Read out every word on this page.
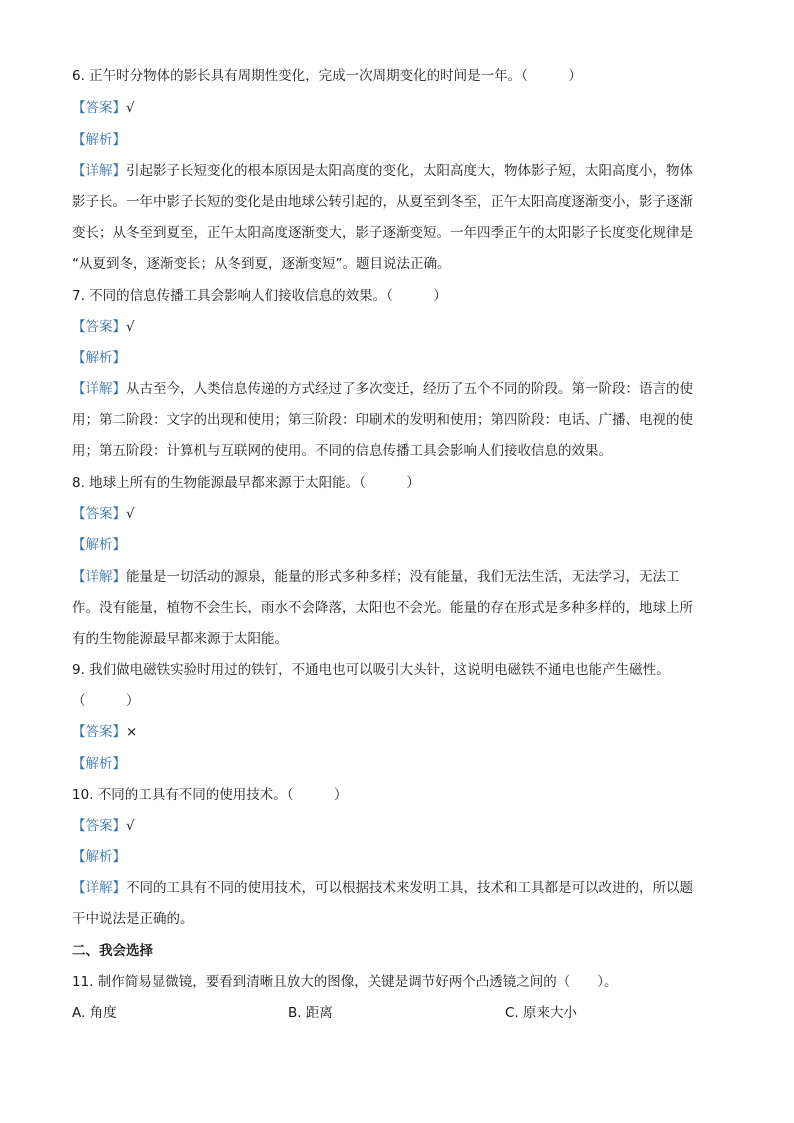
6. 正午时分物体的影长具有周期性变化，完成一次周期变化的时间是一年。（　　　）
【答案】√
【解析】
【详解】引起影子长短变化的根本原因是太阳高度的变化，太阳高度大，物体影子短，太阳高度小，物体
影子长。一年中影子长短的变化是由地球公转引起的，从夏至到冬至，正午太阳高度逐渐变小，影子逐渐
变长；从冬至到夏至，正午太阳高度逐渐变大，影子逐渐变短。一年四季正午的太阳影子长度变化规律是
“从夏到冬，逐渐变长；从冬到夏，逐渐变短”。题目说法正确。
7. 不同的信息传播工具会影响人们接收信息的效果。（　　　）
【答案】√
【解析】
【详解】从古至今，人类信息传递的方式经过了多次变迁，经历了五个不同的阶段。第一阶段：语言的使
用；第二阶段：文字的出现和使用；第三阶段：印刷术的发明和使用；第四阶段：电话、广播、电视的使
用；第五阶段：计算机与互联网的使用。不同的信息传播工具会影响人们接收信息的效果。
8. 地球上所有的生物能源最早都来源于太阳能。（　　　）
【答案】√
【解析】
【详解】能量是一切活动的源泉，能量的形式多种多样；没有能量，我们无法生活，无法学习，无法工
作。没有能量，植物不会生长，雨水不会降落，太阳也不会光。能量的存在形式是多种多样的，地球上所
有的生物能源最早都来源于太阳能。
9. 我们做电磁铁实验时用过的铁钉，不通电也可以吸引大头针，这说明电磁铁不通电也能产生磁性。
（　　　）
【答案】×
【解析】
10. 不同的工具有不同的使用技术。（　　　）
【答案】√
【解析】
【详解】不同的工具有不同的使用技术，可以根据技术来发明工具，技术和工具都是可以改进的，所以题
干中说法是正确的。
二、我会选择
11. 制作简易显微镜，要看到清晰且放大的图像，关键是调节好两个凸透镜之间的（　　）。
A. 角度	B. 距离	C. 原来大小
